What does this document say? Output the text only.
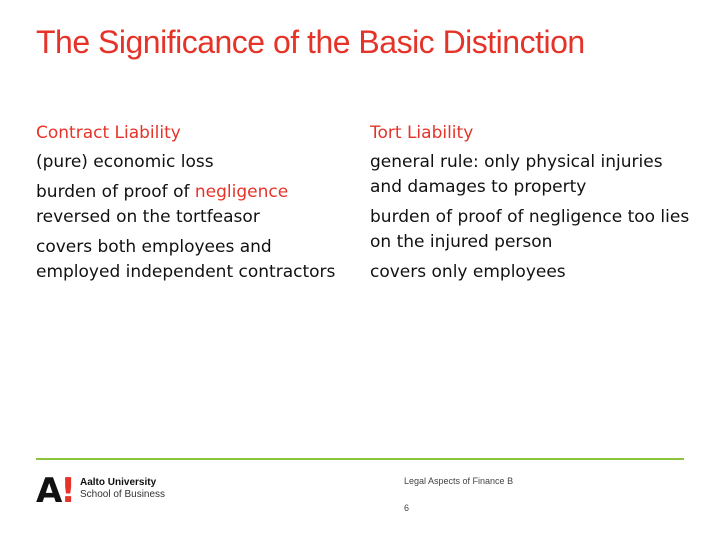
The Significance of the Basic Distinction
Contract Liability
(pure) economic loss
burden of proof of negligence reversed on the tortfeasor
covers both employees and employed independent contractors
Tort Liability
general rule: only physical injuries and damages to property
burden of proof of negligence too lies on the injured person
covers only employees
A! Aalto University
School of Business
Legal Aspects of Finance B
6
